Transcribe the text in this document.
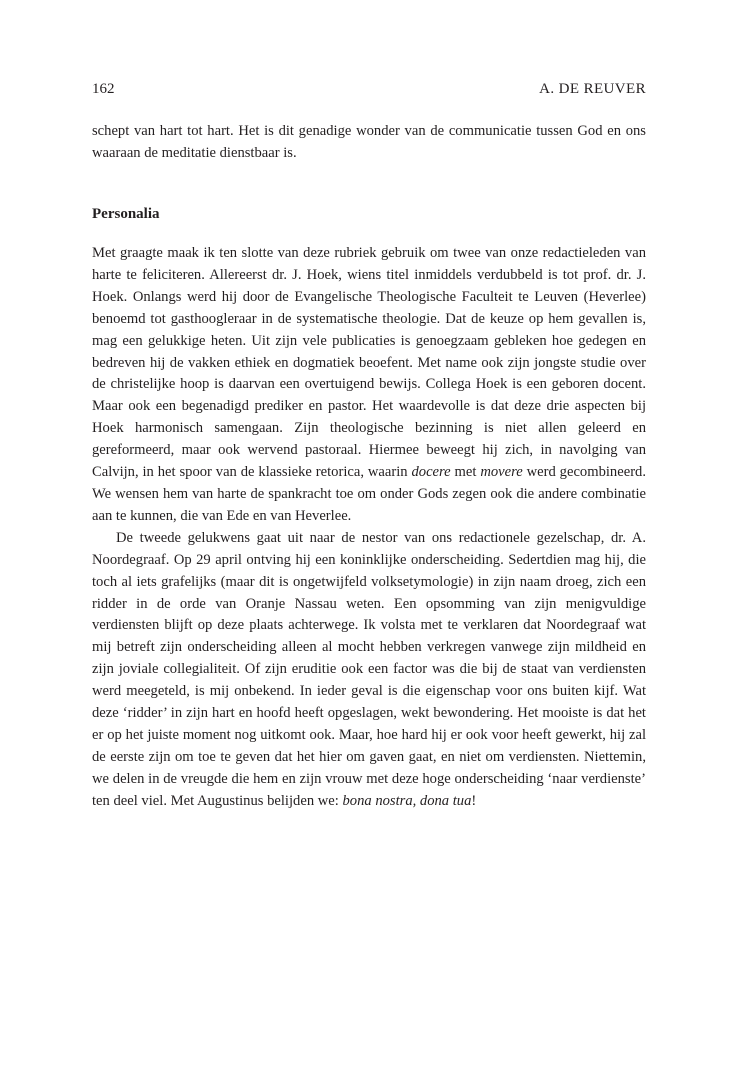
162	A. DE REUVER

schept van hart tot hart. Het is dit genadige wonder van de communicatie tussen God en ons waaraan de meditatie dienstbaar is.

Personalia

Met graagte maak ik ten slotte van deze rubriek gebruik om twee van onze redactieleden van harte te feliciteren. Allereerst dr. J. Hoek, wiens titel inmiddels verdubbeld is tot prof. dr. J. Hoek. Onlangs werd hij door de Evangelische Theologische Faculteit te Leuven (Heverlee) benoemd tot gasthoogleraar in de systematische theologie. Dat de keuze op hem gevallen is, mag een gelukkige heten. Uit zijn vele publicaties is genoegzaam gebleken hoe gedegen en bedreven hij de vakken ethiek en dogmatiek beoefent. Met name ook zijn jongste studie over de christelijke hoop is daarvan een overtuigend bewijs. Collega Hoek is een geboren docent. Maar ook een begenadigd prediker en pastor. Het waardevolle is dat deze drie aspecten bij Hoek harmonisch samengaan. Zijn theologische bezinning is niet allen geleerd en gereformeerd, maar ook wervend pastoraal. Hiermee beweegt hij zich, in navolging van Calvijn, in het spoor van de klassieke retorica, waarin docere met movere werd gecombineerd. We wensen hem van harte de spankracht toe om onder Gods zegen ook die andere combinatie aan te kunnen, die van Ede en van Heverlee.

De tweede gelukwens gaat uit naar de nestor van ons redactionele gezelschap, dr. A. Noordegraaf. Op 29 april ontving hij een koninklijke onderscheiding. Sedertdien mag hij, die toch al iets grafelijks (maar dit is ongetwijfeld volksetymologie) in zijn naam droeg, zich een ridder in de orde van Oranje Nassau weten. Een opsomming van zijn menigvuldige verdiensten blijft op deze plaats achterwege. Ik volsta met te verklaren dat Noordegraaf wat mij betreft zijn onderscheiding alleen al mocht hebben verkregen vanwege zijn mildheid en zijn joviale collegialiteit. Of zijn eruditie ook een factor was die bij de staat van verdiensten werd meegeteld, is mij onbekend. In ieder geval is die eigenschap voor ons buiten kijf. Wat deze ‘ridder’ in zijn hart en hoofd heeft opgeslagen, wekt bewondering. Het mooiste is dat het er op het juiste moment nog uitkomt ook. Maar, hoe hard hij er ook voor heeft gewerkt, hij zal de eerste zijn om toe te geven dat het hier om gaven gaat, en niet om verdiensten. Niettemin, we delen in de vreugde die hem en zijn vrouw met deze hoge onderscheiding ‘naar verdienste’ ten deel viel. Met Augustinus belijden we: bona nostra, dona tua!
